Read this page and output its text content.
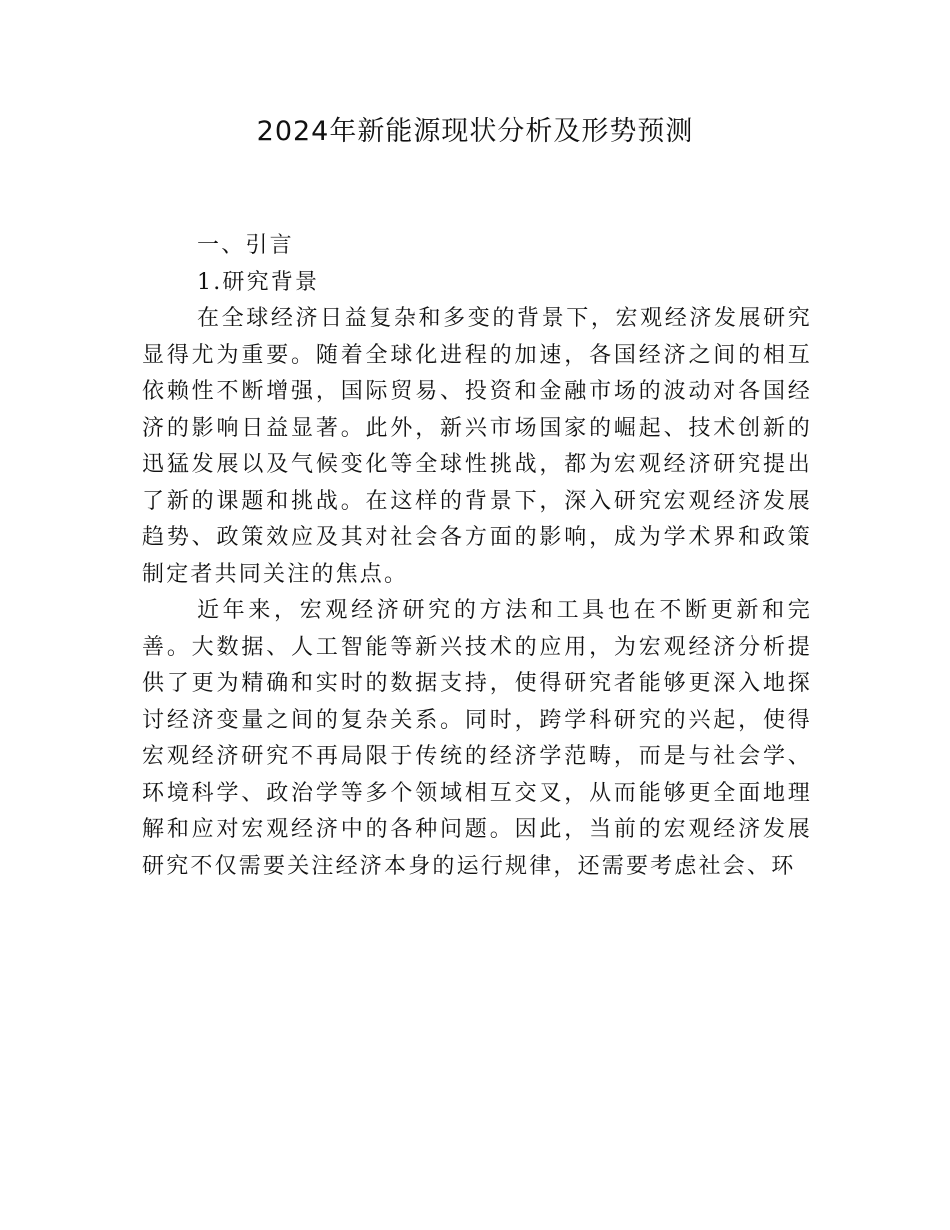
2024年新能源现状分析及形势预测
一、引言
1.研究背景

在全球经济日益复杂和多变的背景下，宏观经济发展研究显得尤为重要。随着全球化进程的加速，各国经济之间的相互依赖性不断增强，国际贸易、投资和金融市场的波动对各国经济的影响日益显著。此外，新兴市场国家的崛起、技术创新的迅猛发展以及气候变化等全球性挑战，都为宏观经济研究提出了新的课题和挑战。在这样的背景下，深入研究宏观经济发展趋势、政策效应及其对社会各方面的影响，成为学术界和政策制定者共同关注的焦点。

近年来，宏观经济研究的方法和工具也在不断更新和完善。大数据、人工智能等新兴技术的应用，为宏观经济分析提供了更为精确和实时的数据支持，使得研究者能够更深入地探讨经济变量之间的复杂关系。同时，跨学科研究的兴起，使得宏观经济研究不再局限于传统的经济学范畴，而是与社会学、环境科学、政治学等多个领域相互交叉，从而能够更全面地理解和应对宏观经济中的各种问题。因此，当前的宏观经济发展研究不仅需要关注经济本身的运行规律，还需要考虑社会、环
